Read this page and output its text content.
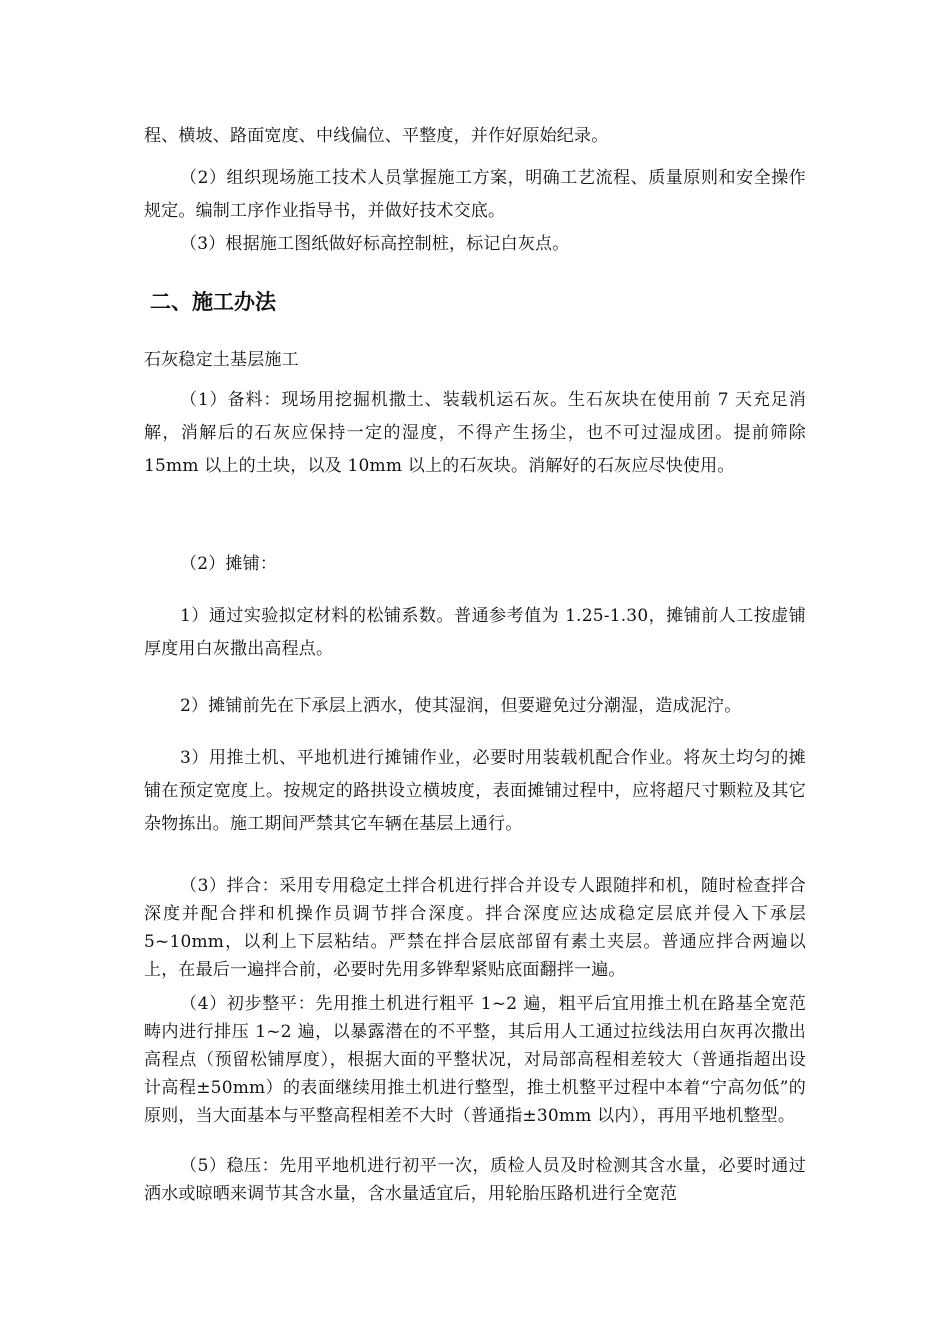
程、横坡、路面宽度、中线偏位、平整度，并作好原始纪录。

（2）组织现场施工技术人员掌握施工方案，明确工艺流程、质量原则和安全操作规定。编制工序作业指导书，并做好技术交底。

（3）根据施工图纸做好标高控制桩，标记白灰点。

二、施工办法

石灰稳定土基层施工

（1）备料：现场用挖掘机撒土、装载机运石灰。生石灰块在使用前 7 天充足消解，消解后的石灰应保持一定的湿度，不得产生扬尘，也不可过湿成团。提前筛除 15mm 以上的土块，以及 10mm 以上的石灰块。消解好的石灰应尽快使用。

（2）摊铺：

1）通过实验拟定材料的松铺系数。普通参考值为 1.25-1.30，摊铺前人工按虚铺厚度用白灰撒出高程点。

2）摊铺前先在下承层上洒水，使其湿润，但要避免过分潮湿，造成泥泞。

3）用推土机、平地机进行摊铺作业，必要时用装载机配合作业。将灰土均匀的摊铺在预定宽度上。按规定的路拱设立横坡度，表面摊铺过程中，应将超尺寸颗粒及其它杂物拣出。施工期间严禁其它车辆在基层上通行。

（3）拌合：采用专用稳定土拌合机进行拌合并设专人跟随拌和机，随时检查拌合深度并配合拌和机操作员调节拌合深度。拌合深度应达成稳定层底并侵入下承层 5~10mm，以利上下层粘结。严禁在拌合层底部留有素土夹层。普通应拌合两遍以上，在最后一遍拌合前，必要时先用多铧犁紧贴底面翻拌一遍。

（4）初步整平：先用推土机进行粗平 1~2 遍，粗平后宜用推土机在路基全宽范畴内进行排压 1~2 遍，以暴露潜在的不平整，其后用人工通过拉线法用白灰再次撒出高程点（预留松铺厚度），根据大面的平整状况，对局部高程相差较大（普通指超出设计高程±50mm）的表面继续用推土机进行整型，推土机整平过程中本着“宁高勿低”的原则，当大面基本与平整高程相差不大时（普通指±30mm 以内），再用平地机整型。

（5）稳压：先用平地机进行初平一次，质检人员及时检测其含水量，必要时通过洒水或晾晒来调节其含水量，含水量适宜后，用轮胎压路机进行全宽范
